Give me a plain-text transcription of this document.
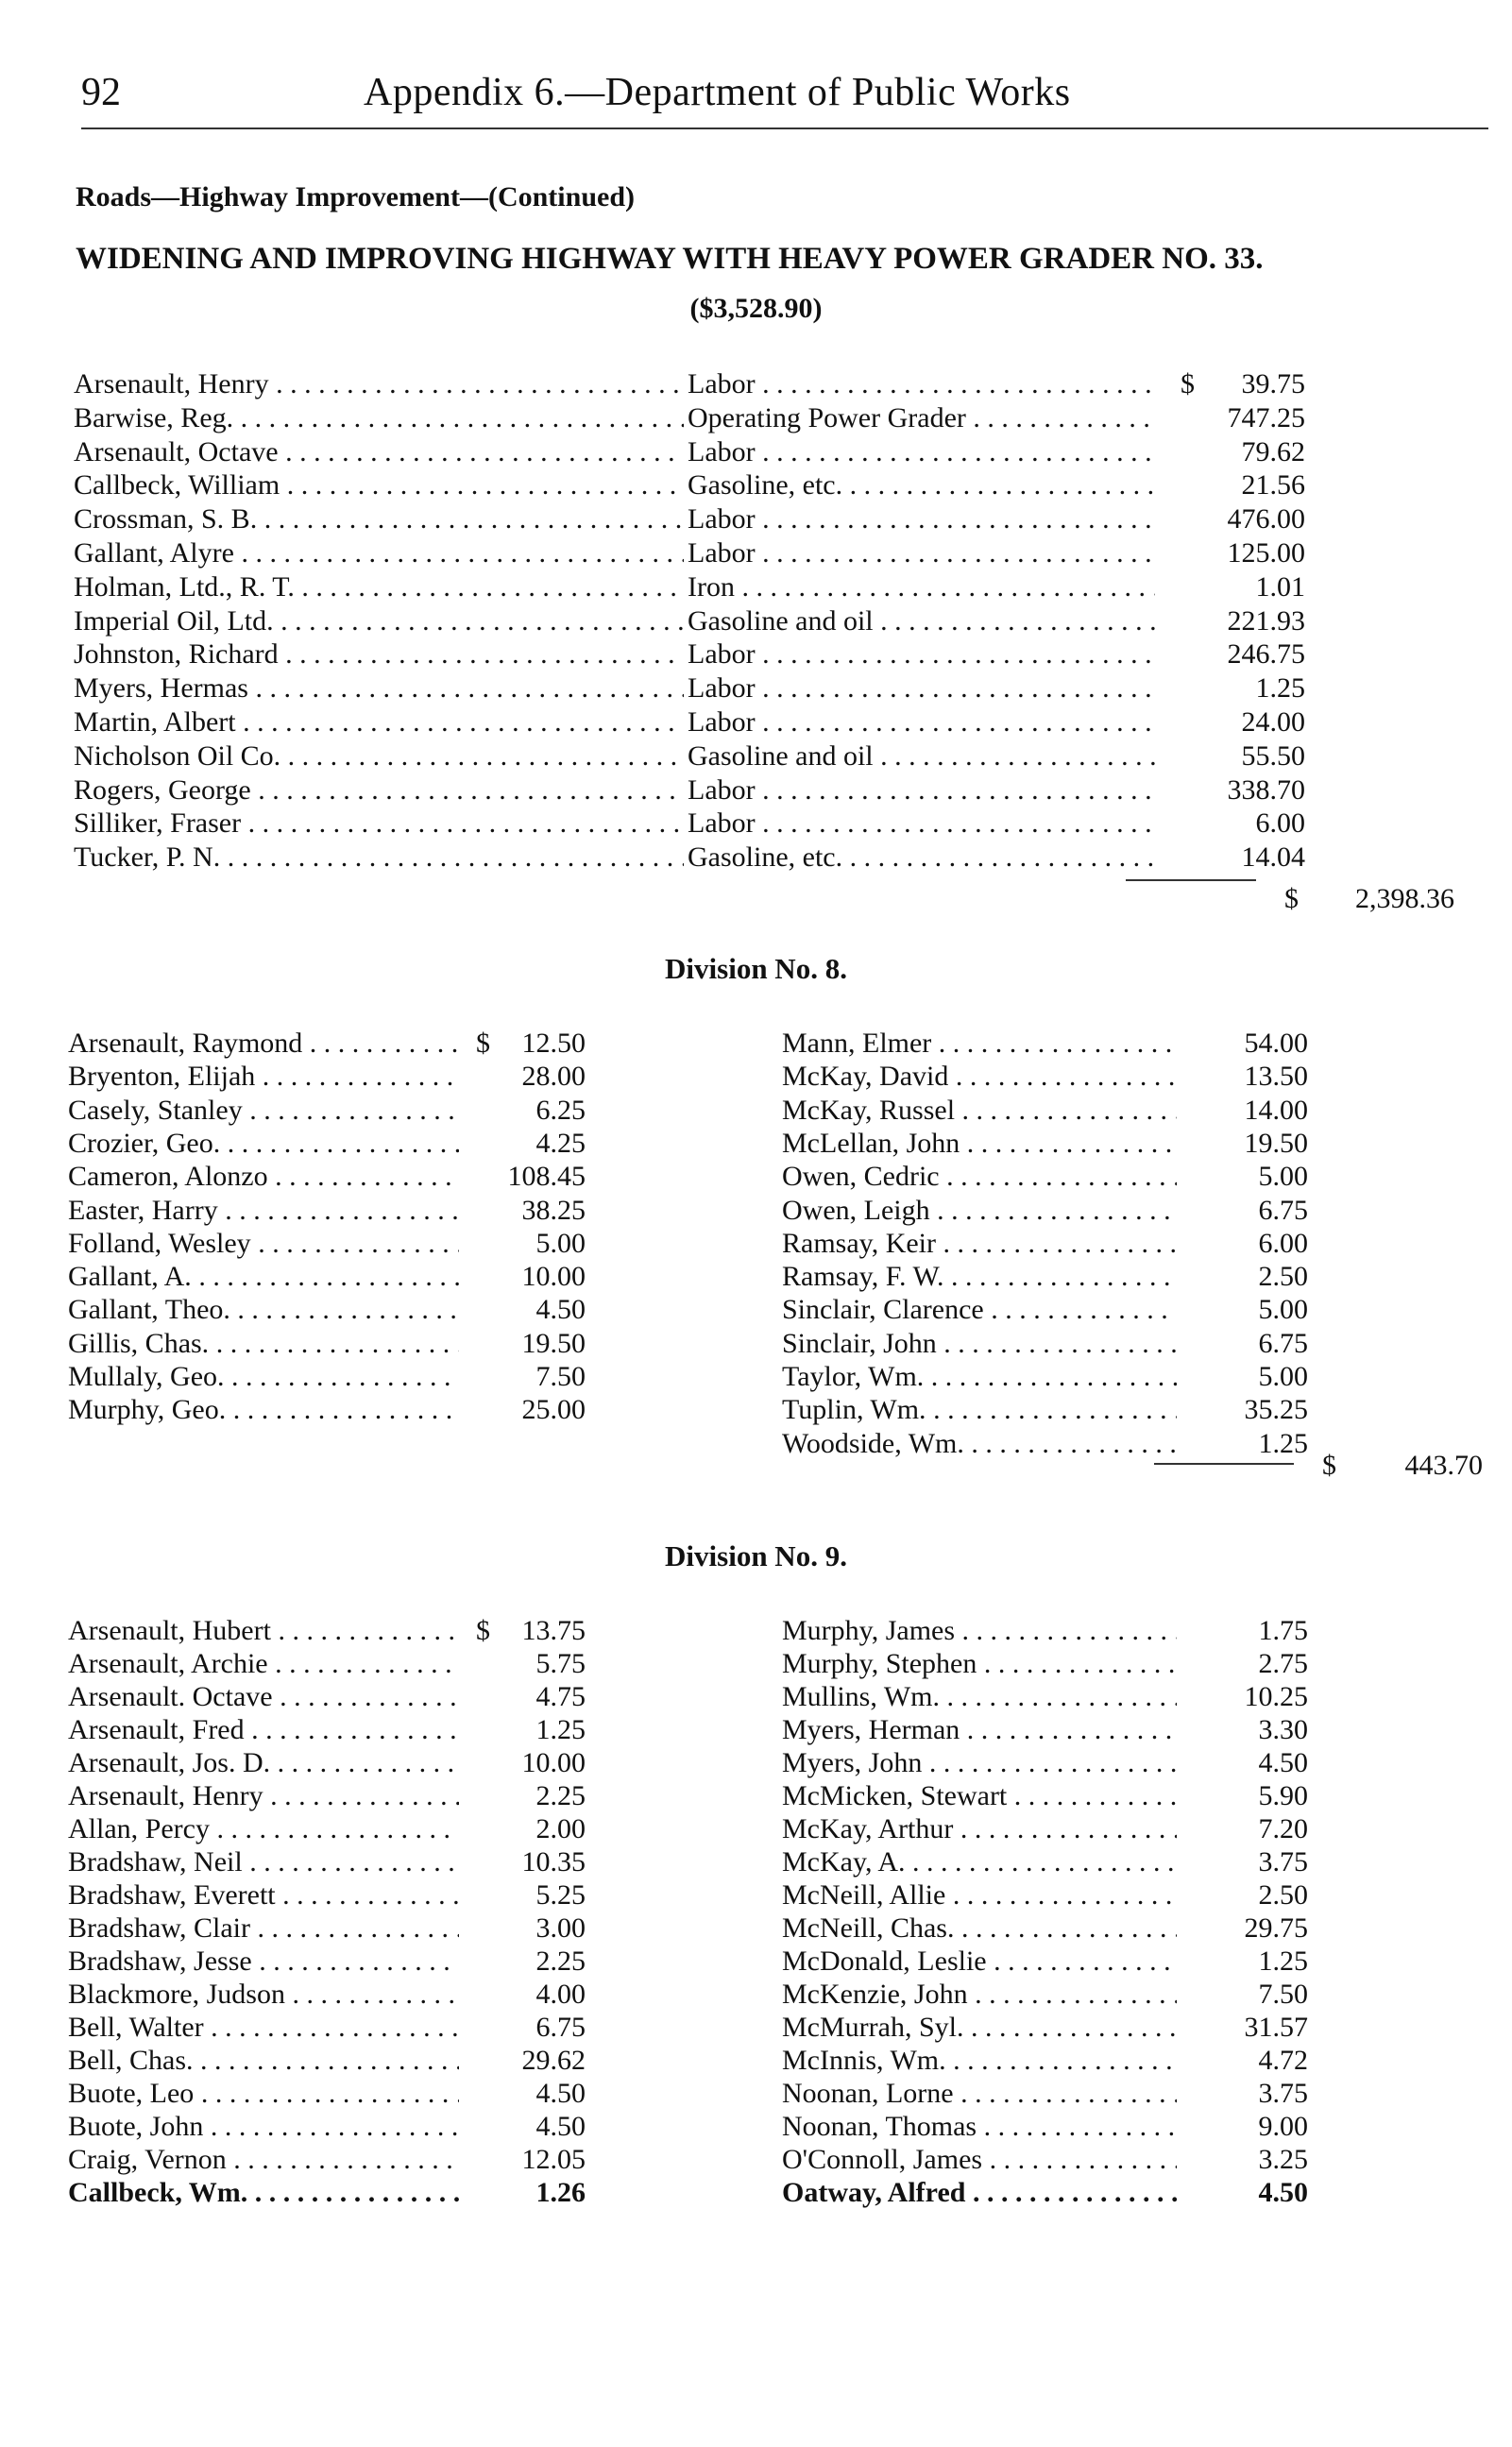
92	Appendix 6.—Department of Public Works
Roads—Highway Improvement—(Continued)
WIDENING AND IMPROVING HIGHWAY WITH HEAVY POWER GRADER NO. 33.
($3,528.90)
Arsenault, Henry . . .	Labor . . .	$	39.75
Barwise, Reg. . . .	Operating Power Grader . . .	747.25
Arsenault, Octave . . .	Labor . . .	79.62
Callbeck, William . . .	Gasoline, etc. . . .	21.56
Crossman, S. B. . . .	Labor . . .	476.00
Gallant, Alyre . . .	Labor . . .	125.00
Holman, Ltd., R. T. . . .	Iron . . .	1.01
Imperial Oil, Ltd. . . .	Gasoline and oil . . .	221.93
Johnston, Richard . . .	Labor . . .	246.75
Myers, Hermas . . .	Labor . . .	1.25
Martin, Albert . . .	Labor . . .	24.00
Nicholson Oil Co. . . .	Gasoline and oil . . .	55.50
Rogers, George . . .	Labor . . .	338.70
Silliker, Fraser . . .	Labor . . .	6.00
Tucker, P. N. . . .	Gasoline, etc. . . .	14.04
$	2,398.36
Division No. 8.
Arsenault, Raymond . . .	$	12.50
Bryenton, Elijah . . .	28.00
Casely, Stanley . . .	6.25
Crozier, Geo. . . .	4.25
Cameron, Alonzo . . .	108.45
Easter, Harry . . .	38.25
Folland, Wesley . . .	5.00
Gallant, A. . . .	10.00
Gallant, Theo. . . .	4.50
Gillis, Chas. . . .	19.50
Mullaly, Geo. . . .	7.50
Murphy, Geo. . . .	25.00
Mann, Elmer . . .	54.00
McKay, David . . .	13.50
McKay, Russel . . .	14.00
McLellan, John . . .	19.50
Owen, Cedric . . .	5.00
Owen, Leigh . . .	6.75
Ramsay, Keir . . .	6.00
Ramsay, F. W. . . .	2.50
Sinclair, Clarence . . .	5.00
Sinclair, John . . .	6.75
Taylor, Wm. . . .	5.00
Tuplin, Wm. . . .	35.25
Woodside, Wm. . . .	1.25
$	443.70
Division No. 9.
Arsenault, Hubert . . .	$	13.75
Arsenault, Archie . . .	5.75
Arsenault. Octave . . .	4.75
Arsenault, Fred . . .	1.25
Arsenault, Jos. D. . . .	10.00
Arsenault, Henry . . .	2.25
Allan, Percy . . .	2.00
Bradshaw, Neil . . .	10.35
Bradshaw, Everett . . .	5.25
Bradshaw, Clair . . .	3.00
Bradshaw, Jesse . . .	2.25
Blackmore, Judson . . .	4.00
Bell, Walter . . .	6.75
Bell, Chas. . . .	29.62
Buote, Leo . . .	4.50
Buote, John . . .	4.50
Craig, Vernon . . .	12.05
Callbeck, Wm. . . .	1.26
Murphy, James . . .	1.75
Murphy, Stephen . . .	2.75
Mullins, Wm. . . .	10.25
Myers, Herman . . .	3.30
Myers, John . . .	4.50
McMicken, Stewart . . .	5.90
McKay, Arthur . . .	7.20
McKay, A. . . .	3.75
McNeill, Allie . . .	2.50
McNeill, Chas. . . .	29.75
McDonald, Leslie . . .	1.25
McKenzie, John . . .	7.50
McMurrah, Syl. . . .	31.57
McInnis, Wm. . . .	4.72
Noonan, Lorne . . .	3.75
Noonan, Thomas . . .	9.00
O'Connoll, James . . .	3.25
Oatway, Alfred . . .	4.50
